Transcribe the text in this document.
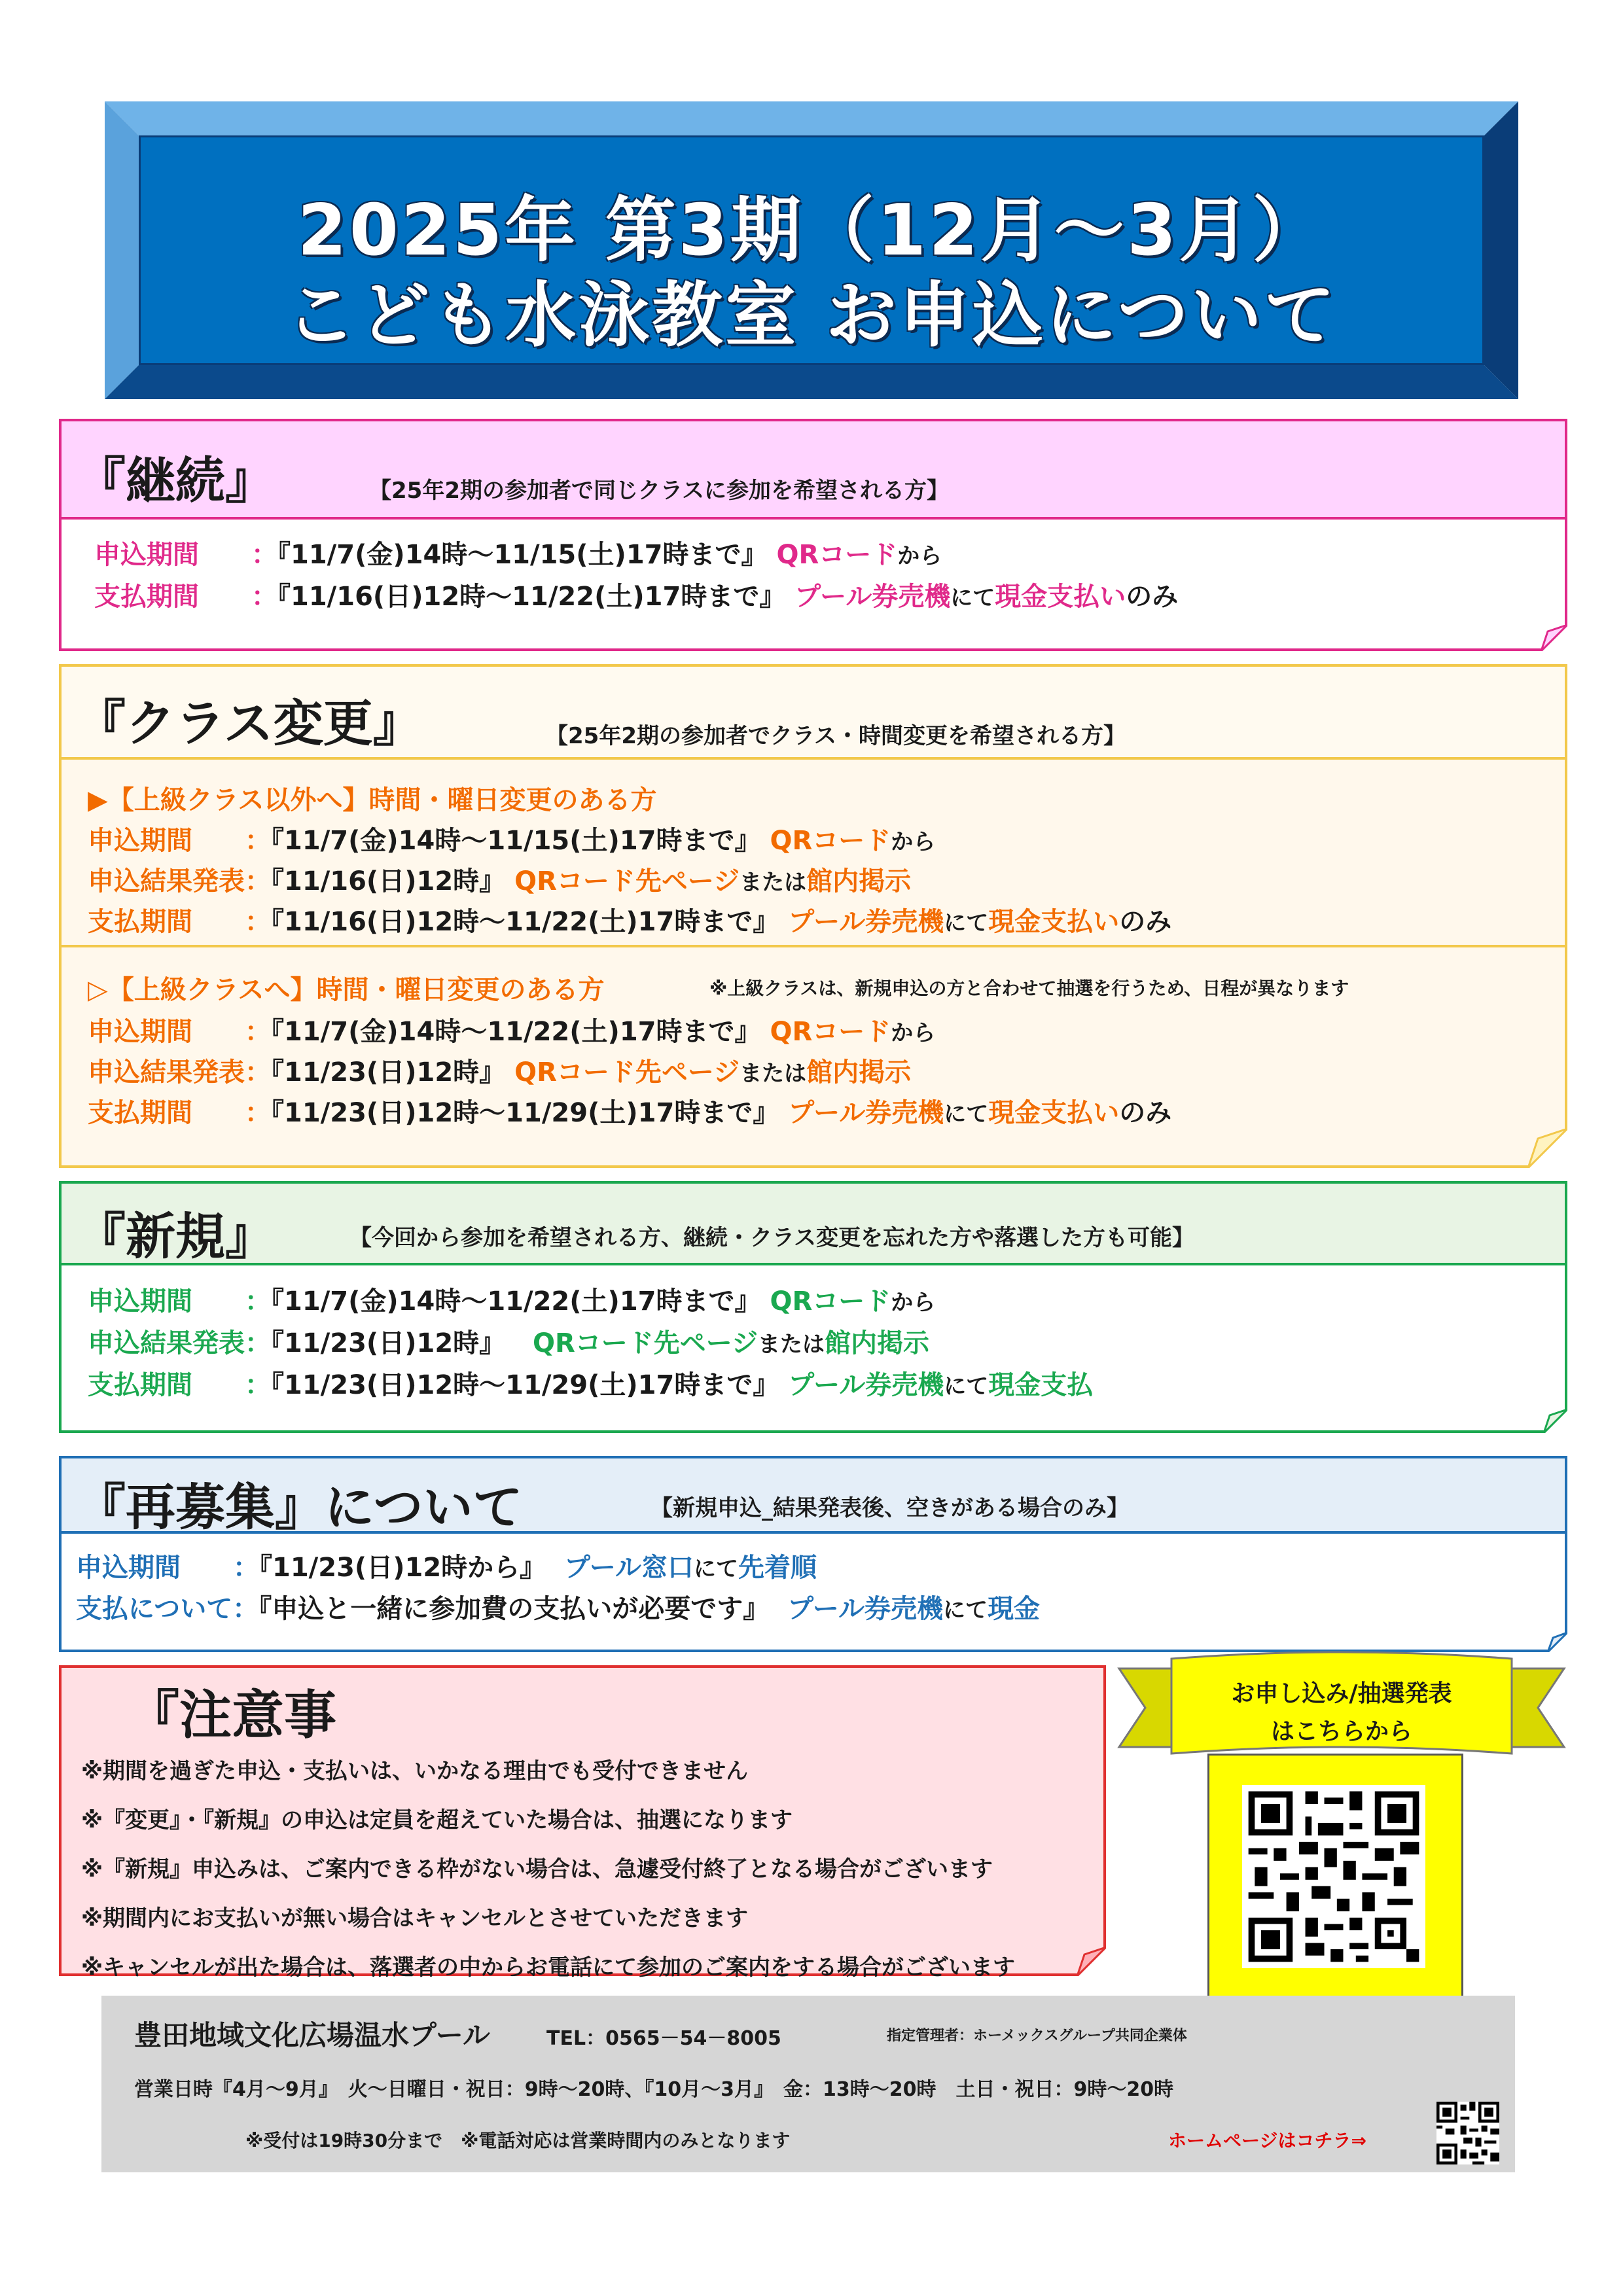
2025年 第3期（12月～3月）
こども水泳教室 お申込について
『継続』	【25年2期の参加者で同じクラスに参加を希望される方】
申込期間　　：『11/7(金)14時～11/15(土)17時まで』 QRコードから
支払期間　　：『11/16(日)12時～11/22(土)17時まで』 プール券売機にて現金支払いのみ
『クラス変更』	【25年2期の参加者でクラス・時間変更を希望される方】
▶【上級クラス以外へ】時間・曜日変更のある方
申込期間　　：『11/7(金)14時～11/15(土)17時まで』 QRコードから
申込結果発表：『11/16(日)12時』 QRコード先ページまたは館内掲示
支払期間　　：『11/16(日)12時～11/22(土)17時まで』 プール券売機にて現金支払いのみ
▷【上級クラスへ】時間・曜日変更のある方	※上級クラスは、新規申込の方と合わせて抽選を行うため、日程が異なります
申込期間　　：『11/7(金)14時～11/22(土)17時まで』 QRコードから
申込結果発表：『11/23(日)12時』 QRコード先ページまたは館内掲示
支払期間　　：『11/23(日)12時～11/29(土)17時まで』 プール券売機にて現金支払いのみ
『新規』	【今回から参加を希望される方、継続・クラス変更を忘れた方や落選した方も可能】
申込期間　　：『11/7(金)14時～11/22(土)17時まで』 QRコードから
申込結果発表：『11/23(日)12時』 QRコード先ページまたは館内掲示
支払期間　　：『11/23(日)12時～11/29(土)17時まで』 プール券売機にて現金支払
『再募集』について	【新規申込_結果発表後、空きがある場合のみ】
申込期間　　：『11/23(日)12時から』 プール窓口にて先着順
支払について：『申込と一緒に参加費の支払いが必要です』 プール券売機にて現金
『注意事
※期間を過ぎた申込・支払いは、いかなる理由でも受付できません
※『変更』・『新規』の申込は定員を超えていた場合は、抽選になります
※『新規』申込みは、ご案内できる枠がない場合は、急遽受付終了となる場合がございます
※期間内にお支払いが無い場合はキャンセルとさせていただきます
※キャンセルが出た場合は、落選者の中からお電話にて参加のご案内をする場合がございます
お申し込み/抽選発表
はこちらから
豊田地域文化広場温水プール	TEL：0565－54－8005	指定管理者：ホーメックスグループ共同企業体
営業日時『4月～9月』　火～日曜日・祝日：9時～20時、『10月～3月』　金：13時～20時　土日・祝日：9時～20時
※受付は19時30分まで　※電話対応は営業時間内のみとなります	ホームページはコチラ⇒
